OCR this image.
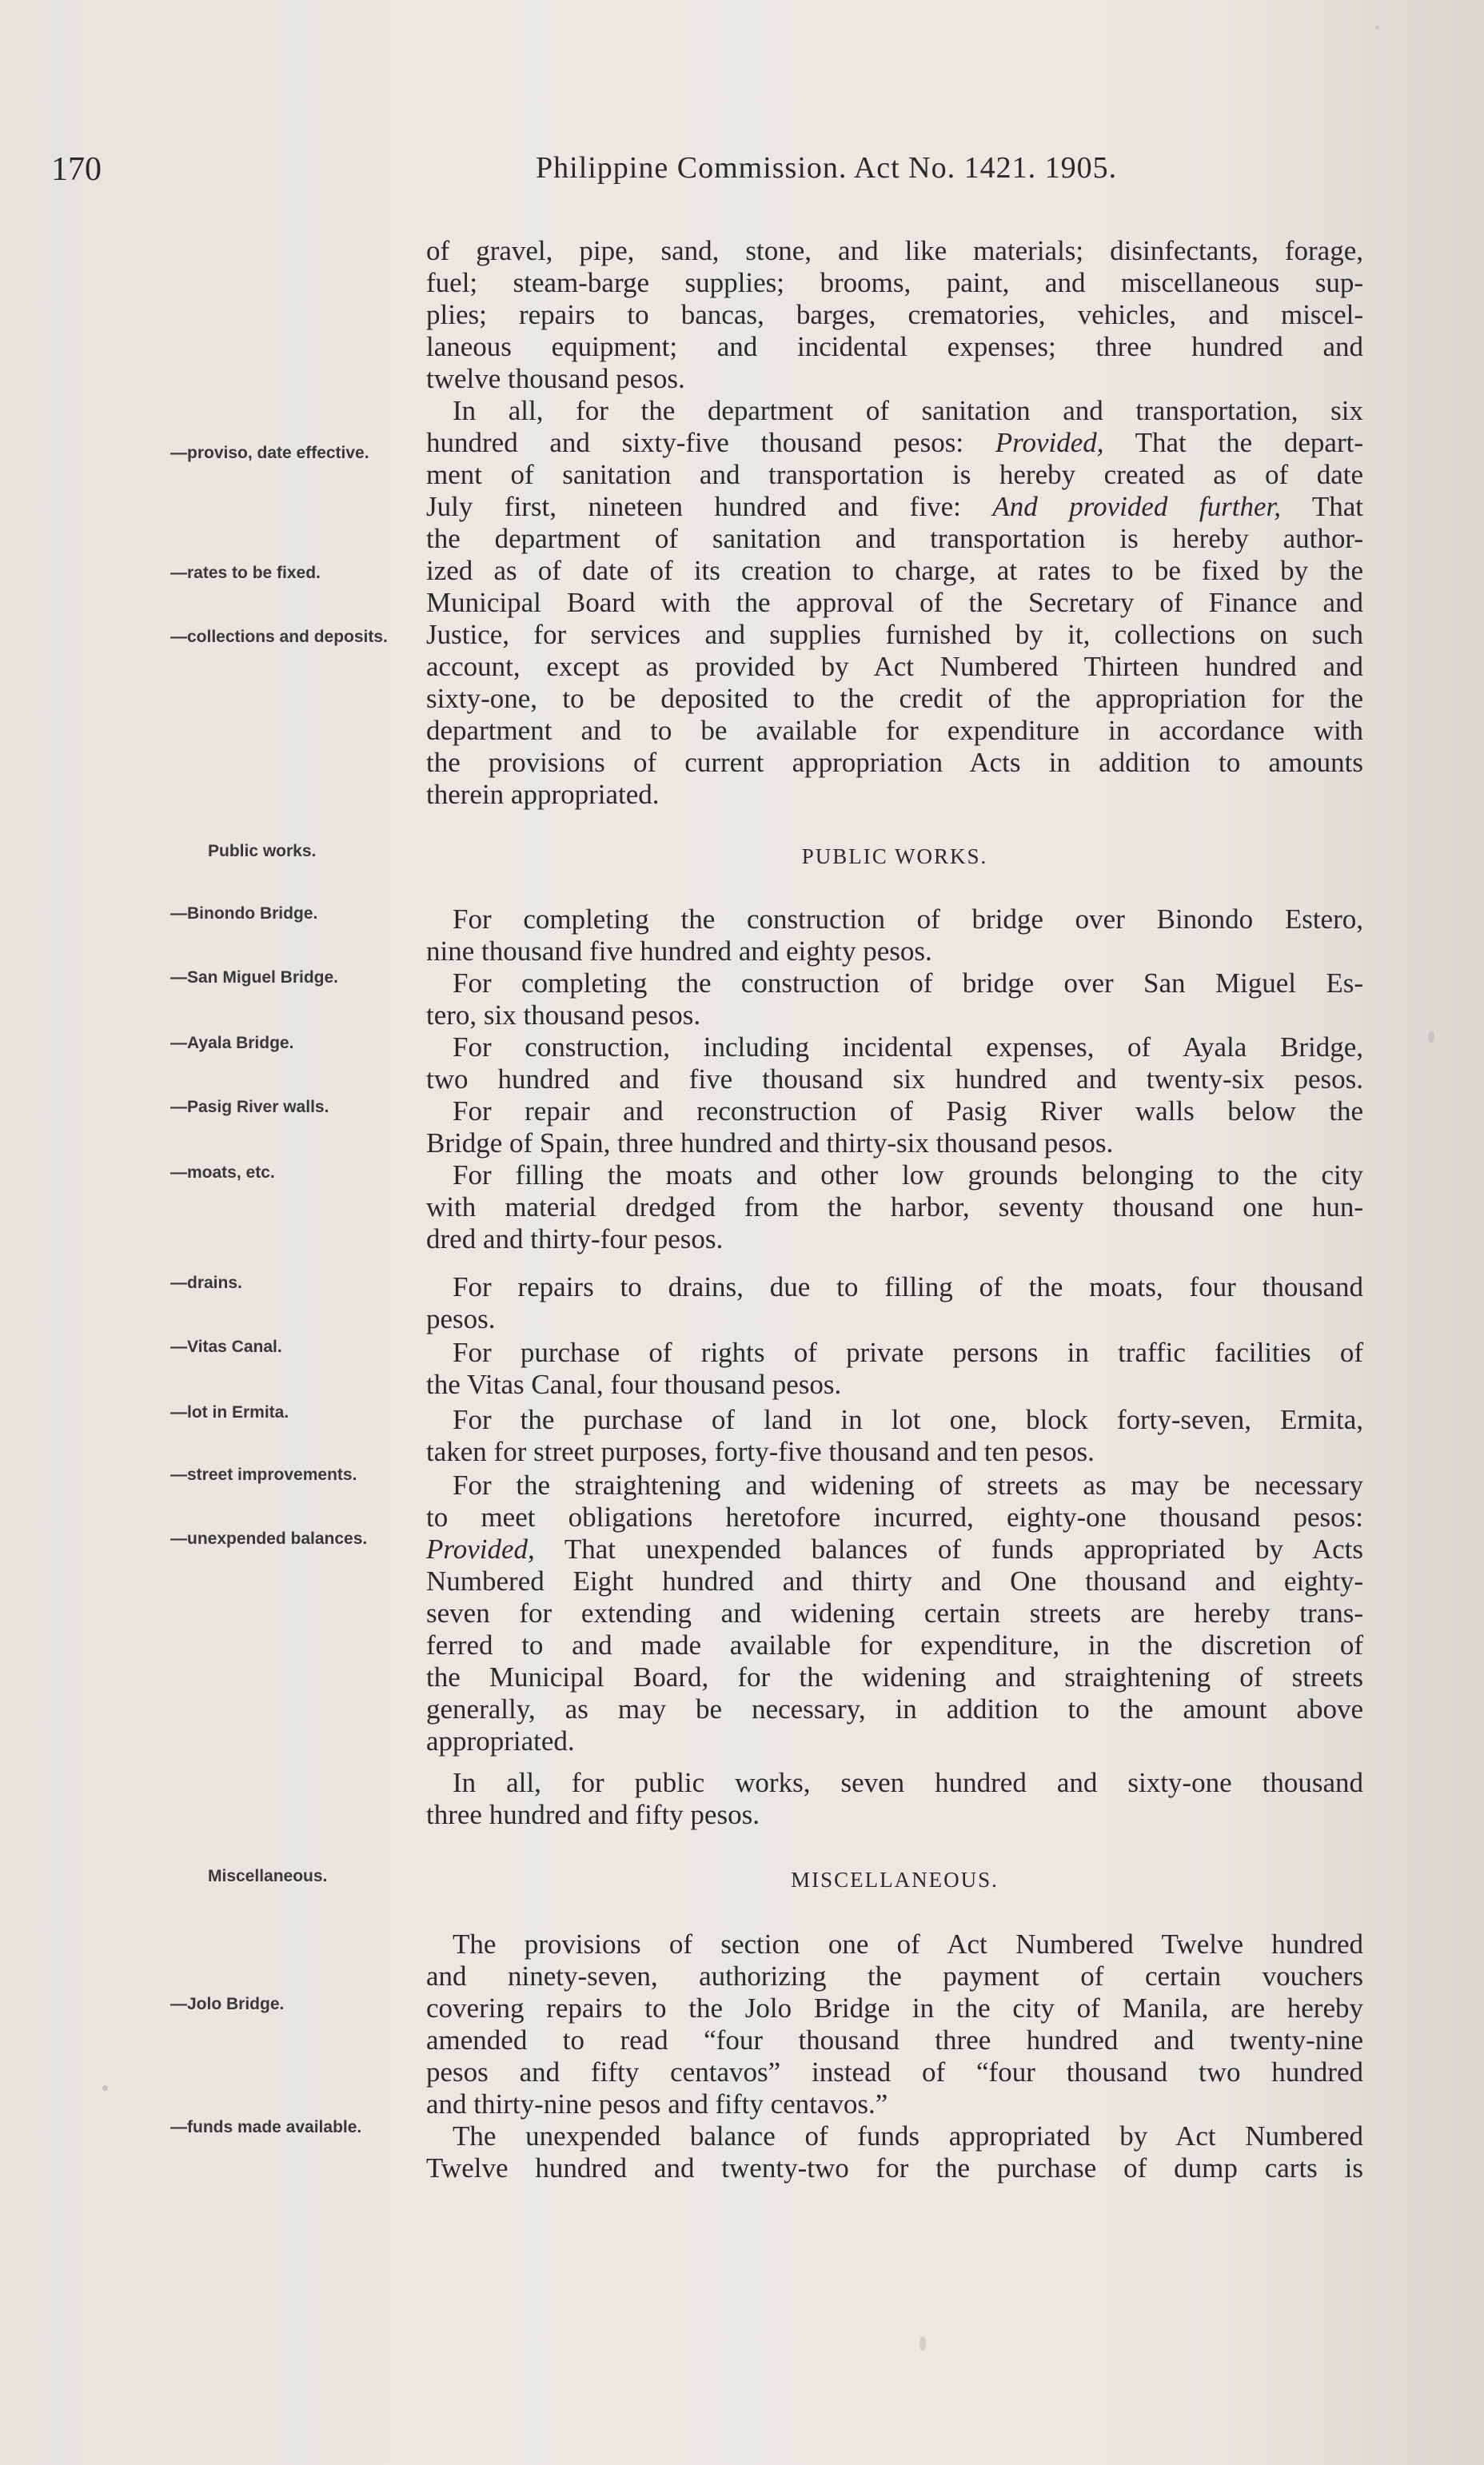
170	Philippine Commission. Act No. 1421. 1905.
of gravel, pipe, sand, stone, and like materials; disinfectants, forage,
fuel; steam-barge supplies; brooms, paint, and miscellaneous sup-
plies; repairs to bancas, barges, crematories, vehicles, and miscel-
laneous equipment; and incidental expenses; three hundred and
twelve thousand pesos.
In all, for the department of sanitation and transportation, six
hundred and sixty-five thousand pesos: Provided, That the depart-
ment of sanitation and transportation is hereby created as of date
July first, nineteen hundred and five: And provided further, That
the department of sanitation and transportation is hereby author-
ized as of date of its creation to charge, at rates to be fixed by the
Municipal Board with the approval of the Secretary of Finance and
Justice, for services and supplies furnished by it, collections on such
account, except as provided by Act Numbered Thirteen hundred and
sixty-one, to be deposited to the credit of the appropriation for the
department and to be available for expenditure in accordance with
the provisions of current appropriation Acts in addition to amounts
therein appropriated.
PUBLIC WORKS.
For completing the construction of bridge over Binondo Estero,
nine thousand five hundred and eighty pesos.
For completing the construction of bridge over San Miguel Es-
tero, six thousand pesos.
For construction, including incidental expenses, of Ayala Bridge,
two hundred and five thousand six hundred and twenty-six pesos.
For repair and reconstruction of Pasig River walls below the
Bridge of Spain, three hundred and thirty-six thousand pesos.
For filling the moats and other low grounds belonging to the city
with material dredged from the harbor, seventy thousand one hun-
dred and thirty-four pesos.
For repairs to drains, due to filling of the moats, four thousand
pesos.
For purchase of rights of private persons in traffic facilities of
the Vitas Canal, four thousand pesos.
For the purchase of land in lot one, block forty-seven, Ermita,
taken for street purposes, forty-five thousand and ten pesos.
For the straightening and widening of streets as may be necessary
to meet obligations heretofore incurred, eighty-one thousand pesos:
Provided, That unexpended balances of funds appropriated by Acts
Numbered Eight hundred and thirty and One thousand and eighty-
seven for extending and widening certain streets are hereby trans-
ferred to and made available for expenditure, in the discretion of
the Municipal Board, for the widening and straightening of streets
generally, as may be necessary, in addition to the amount above
appropriated.
In all, for public works, seven hundred and sixty-one thousand
three hundred and fifty pesos.
MISCELLANEOUS.
The provisions of section one of Act Numbered Twelve hundred
and ninety-seven, authorizing the payment of certain vouchers
covering repairs to the Jolo Bridge in the city of Manila, are hereby
amended to read “four thousand three hundred and twenty-nine
pesos and fifty centavos” instead of “four thousand two hundred
and thirty-nine pesos and fifty centavos.”
The unexpended balance of funds appropriated by Act Numbered
Twelve hundred and twenty-two for the purchase of dump carts is
—proviso, date effective.
—rates to be fixed.
—collections and deposits.
Public works.
—Binondo Bridge.
—San Miguel Bridge.
—Ayala Bridge.
—Pasig River walls.
—moats, etc.
—drains.
—Vitas Canal.
—lot in Ermita.
—street improvements.
—unexpended balances.
Miscellaneous.
—Jolo Bridge.
—funds made available.
